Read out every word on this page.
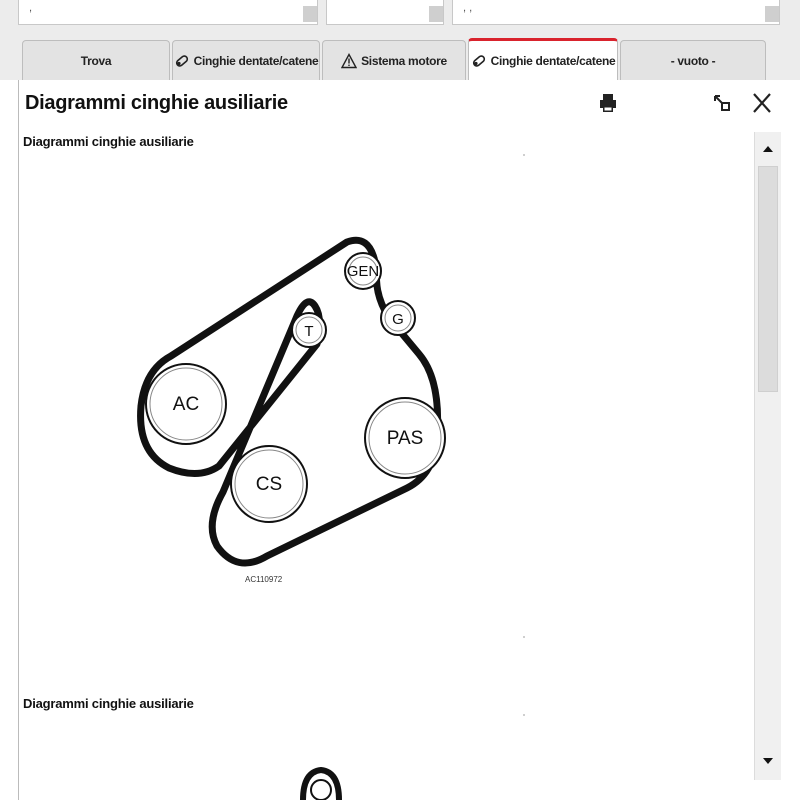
,	, ,
Trova	Cinghie dentate/catene	Sistema motore	Cinghie dentate/catene	- vuoto -
Diagrammi cinghie ausiliarie
Diagrammi cinghie ausiliarie
GEN
G
T
AC
PAS
CS
AC110972
Diagrammi cinghie ausiliarie
